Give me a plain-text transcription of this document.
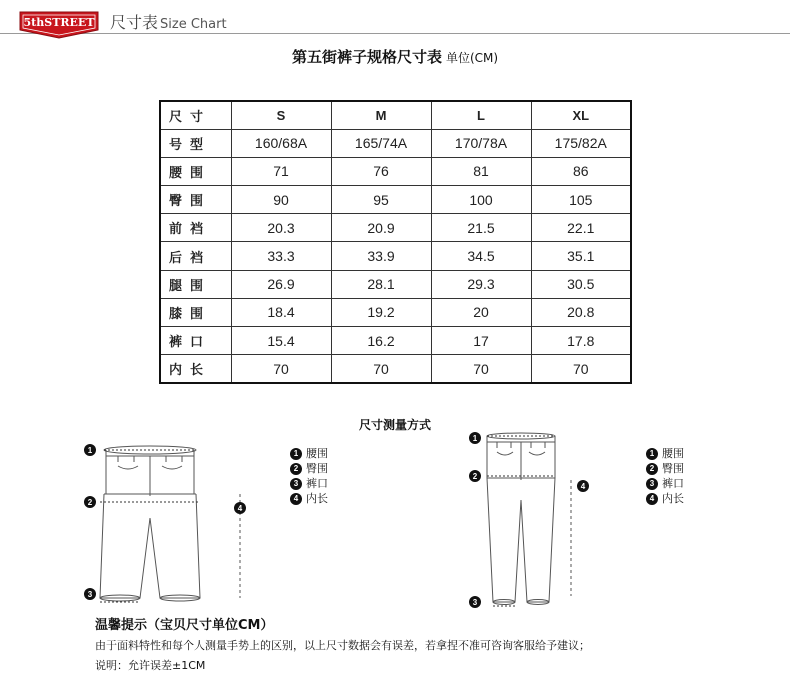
5thSTREET 尺寸表 Size Chart
第五街裤子规格尺寸表 单位(CM)
尺寸	S	M	L	XL
号型	160/68A	165/74A	170/78A	175/82A
腰围	71	76	81	86
臀围	90	95	100	105
前裆	20.3	20.9	21.5	22.1
后裆	33.3	33.9	34.5	35.1
腿围	26.9	28.1	29.3	30.5
膝围	18.4	19.2	20	20.8
裤口	15.4	16.2	17	17.8
内长	70	70	70	70
尺寸测量方式
1
2
3
4
1 腰围
2 臀围
3 裤口
4 内长
1
2
3
4
1 腰围
2 臀围
3 裤口
4 内长
温馨提示（宝贝尺寸单位CM）
由于面料特性和每个人测量手势上的区别，以上尺寸数据会有误差，若拿捏不准可咨询客服给予建议；
说明：允许误差±1CM
